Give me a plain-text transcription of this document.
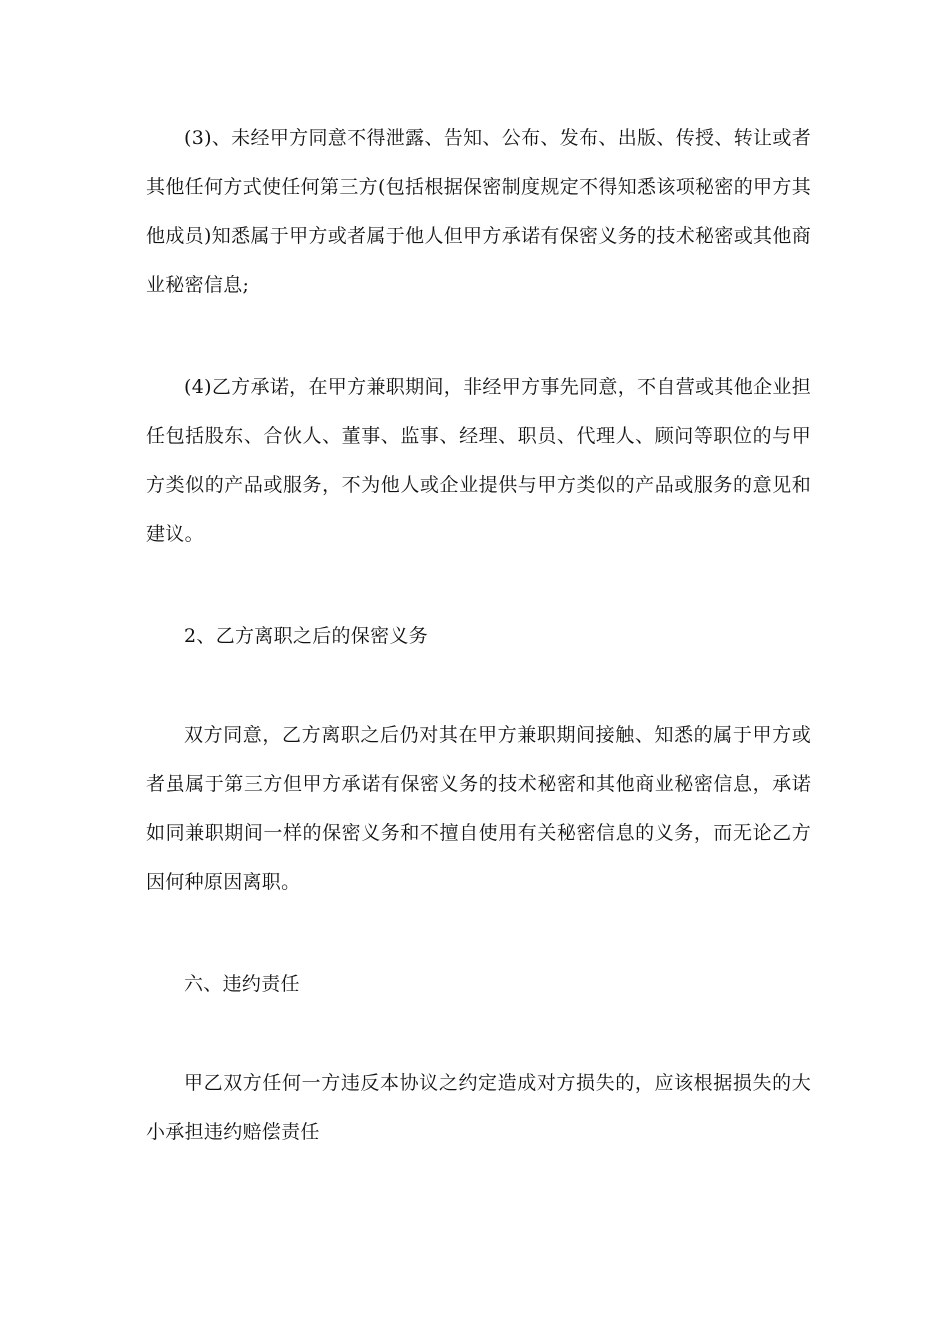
(3)、未经甲方同意不得泄露、告知、公布、发布、出版、传授、转让或者其他任何方式使任何第三方(包括根据保密制度规定不得知悉该项秘密的甲方其他成员)知悉属于甲方或者属于他人但甲方承诺有保密义务的技术秘密或其他商业秘密信息;

(4)乙方承诺，在甲方兼职期间，非经甲方事先同意，不自营或其他企业担任包括股东、合伙人、董事、监事、经理、职员、代理人、顾问等职位的与甲方类似的产品或服务，不为他人或企业提供与甲方类似的产品或服务的意见和建议。

2、乙方离职之后的保密义务

双方同意，乙方离职之后仍对其在甲方兼职期间接触、知悉的属于甲方或者虽属于第三方但甲方承诺有保密义务的技术秘密和其他商业秘密信息，承诺如同兼职期间一样的保密义务和不擅自使用有关秘密信息的义务，而无论乙方因何种原因离职。

六、违约责任

甲乙双方任何一方违反本协议之约定造成对方损失的，应该根据损失的大小承担违约赔偿责任
